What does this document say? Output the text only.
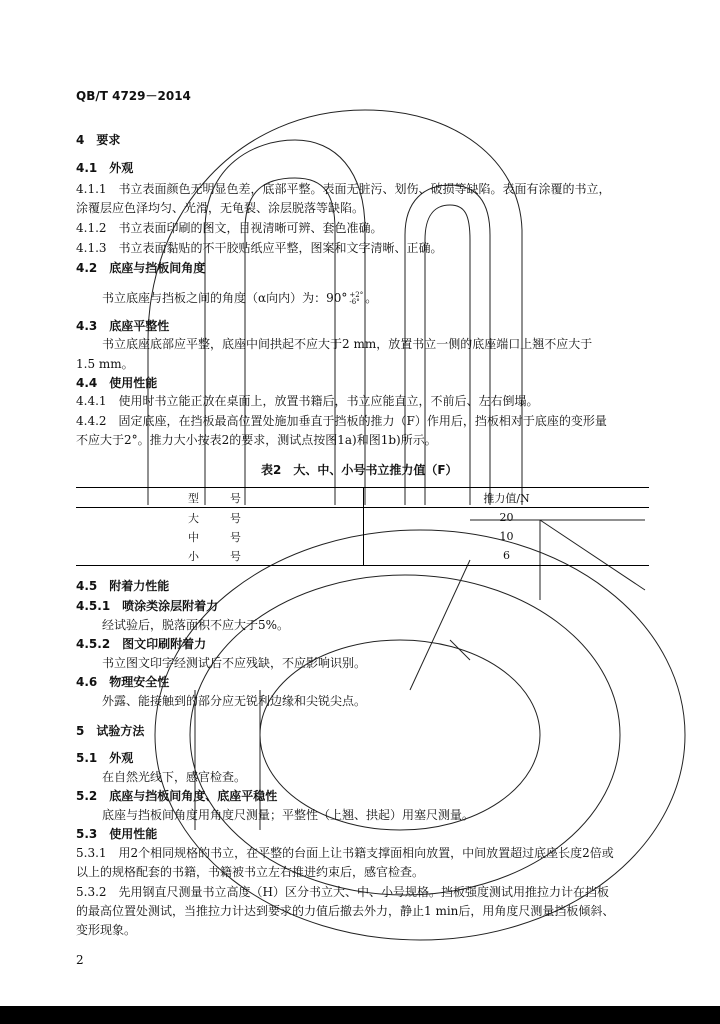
QB/T 4729－2014
4　要求
4.1　外观
4.1.1　书立表面颜色无明显色差，底部平整。表面无脏污、划伤、破损等缺陷。表面有涂覆的书立，
涂覆层应色泽均匀、光滑，无龟裂、涂层脱落等缺陷。
4.1.2　书立表面印刷的图文，目视清晰可辨、套色准确。
4.1.3　书立表面黏贴的不干胶贴纸应平整，图案和文字清晰、正确。
4.2　底座与挡板间角度
书立底座与挡板之间的角度（α向内）为：90° +2°
-6° 。
4.3　底座平整性
书立底座底部应平整，底座中间拱起不应大于2 mm，放置书立一侧的底座端口上翘不应大于
1.5 mm。
4.4　使用性能
4.4.1　使用时书立能正放在桌面上，放置书籍后，书立应能直立，不前后、左右倒塌。
4.4.2　固定底座，在挡板最高位置处施加垂直于挡板的推力（F）作用后，挡板相对于底座的变形量
不应大于2°。推力大小按表2的要求，测试点按图1a)和图1b)所示。
表2　大、中、小号书立推力值（F）
型　号	推力值/N
大　号	20
中　号	10
小　号	6
4.5　附着力性能
4.5.1　喷涂类涂层附着力
经试验后，脱落面积不应大于5%。
4.5.2　图文印刷附着力
书立图文印字经测试后不应残缺，不应影响识别。
4.6　物理安全性
外露、能接触到的部分应无锐利边缘和尖锐尖点。
5　试验方法
5.1　外观
在自然光线下，感官检查。
5.2　底座与挡板间角度、底座平稳性
底座与挡板间角度用角度尺测量；平整性（上翘、拱起）用塞尺测量。
5.3　使用性能
5.3.1　用2个相同规格的书立，在平整的台面上让书籍支撑面相向放置，中间放置超过底座长度2倍或
以上的规格配套的书籍，书籍被书立左右推进约束后，感官检查。
5.3.2　先用钢直尺测量书立高度（H）区分书立大、中、小号规格。挡板强度测试用推拉力计在挡板
的最高位置处测试，当推拉力计达到要求的力值后撤去外力，静止1 min后，用角度尺测量挡板倾斜、
变形现象。
2
